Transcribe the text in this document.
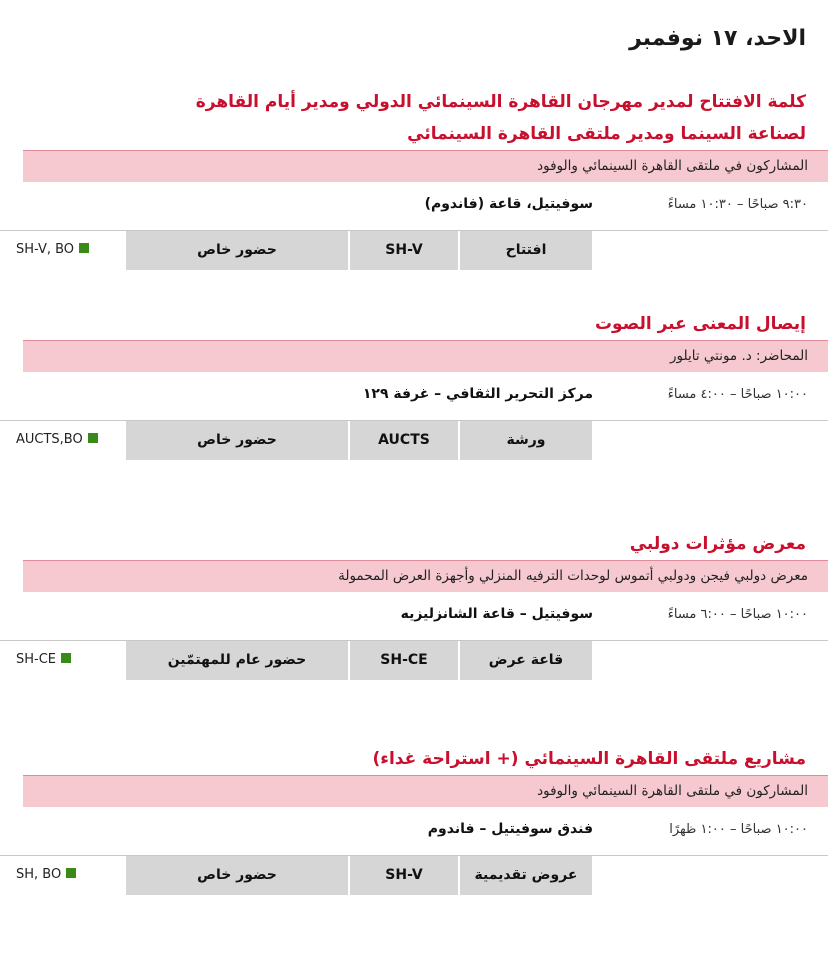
الاحد، ١٧ نوفمبر
كلمة الافتتاح لمدير مهرجان القاهرة السينمائي الدولي ومدير أيام القاهرة
لصناعة السينما ومدير ملتقى القاهرة السينمائي
المشاركون في ملتقى القاهرة السينمائي والوفود
٩:٣٠ صباحًا – ١٠:٣٠ مساءً
سوفيتيل، قاعة (فاندوم)
افتتاح
SH-V
حضور خاص
SH-V, BO
إيصال المعنى عبر الصوت
المحاضر: د. مونتي تايلور
١٠:٠٠ صباحًا – ٤:٠٠ مساءً
مركز التحرير الثقافي – غرفة ١٢٩
ورشة
AUCTS
حضور خاص
AUCTS,BO
معرض مؤثرات دولبي
معرض دولبي فيجن ودولبي أتموس لوحدات الترفيه المنزلي وأجهزة العرض المحمولة
١٠:٠٠ صباحًا – ٦:٠٠ مساءً
سوفيتيل – قاعة الشانزليزيه
قاعة عرض
SH-CE
حضور عام للمهتمّين
SH-CE
مشاريع ملتقى القاهرة السينمائي (+ استراحة غداء)
المشاركون في ملتقى القاهرة السينمائي والوفود
١٠:٠٠ صباحًا – ١:٠٠ ظهرًا
فندق سوفيتيل – فاندوم
عروض تقديمية
SH-V
حضور خاص
SH, BO
